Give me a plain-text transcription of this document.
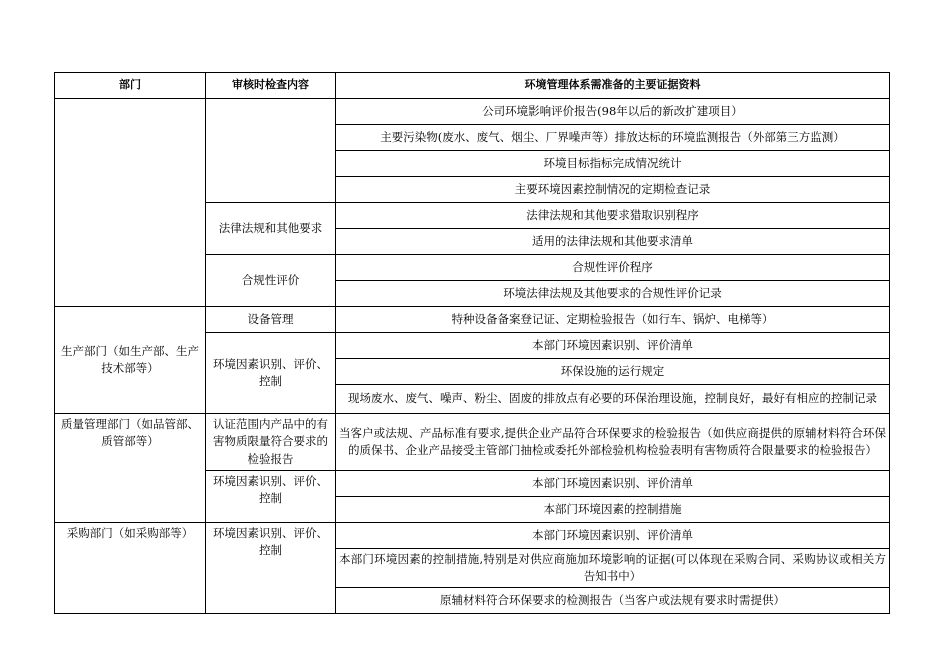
部门	审核时检查内容	环境管理体系需准备的主要证据资料
		公司环境影响评价报告(98年以后的新改扩建项目）
		主要污染物(废水、废气、烟尘、厂界噪声等）排放达标的环境监测报告（外部第三方监测）
		环境目标指标完成情况统计
		主要环境因素控制情况的定期检查记录
	法律法规和其他要求	法律法规和其他要求猎取识别程序
		适用的法律法规和其他要求清单
	合规性评价	合规性评价程序
		环境法律法规及其他要求的合规性评价记录
生产部门（如生产部、生产技术部等）	设备管理	特种设备备案登记证、定期检验报告（如行车、锅炉、电梯等）
	环境因素识别、评价、控制	本部门环境因素识别、评价清单
		环保设施的运行规定
		现场废水、废气、噪声、粉尘、固废的排放点有必要的环保治理设施，控制良好，最好有相应的控制记录
质量管理部门（如品管部、质管部等）	认证范围内产品中的有害物质限量符合要求的检验报告	当客户或法规、产品标准有要求,提供企业产品符合环保要求的检验报告（如供应商提供的原辅材料符合环保的质保书、企业产品接受主管部门抽检或委托外部检验机构检验表明有害物质符合限量要求的检验报告）
	环境因素识别、评价、控制	本部门环境因素识别、评价清单
		本部门环境因素的控制措施
采购部门（如采购部等）	环境因素识别、评价、控制	本部门环境因素识别、评价清单
		本部门环境因素的控制措施,特别是对供应商施加环境影响的证据(可以体现在采购合同、采购协议或相关方告知书中）
		原辅材料符合环保要求的检测报告（当客户或法规有要求时需提供）
